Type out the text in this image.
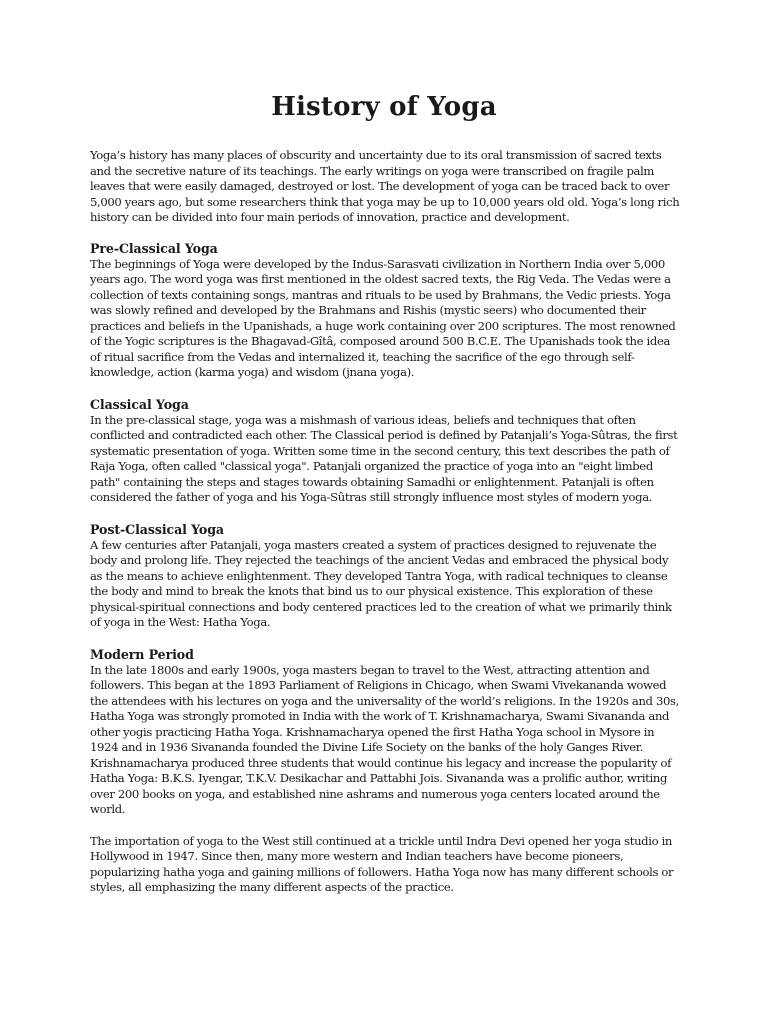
History of Yoga

Yoga’s history has many places of obscurity and uncertainty due to its oral transmission of sacred texts and the secretive nature of its teachings. The early writings on yoga were transcribed on fragile palm leaves that were easily damaged, destroyed or lost. The development of yoga can be traced back to over 5,000 years ago, but some researchers think that yoga may be up to 10,000 years old old. Yoga’s long rich history can be divided into four main periods of innovation, practice and development.

Pre-Classical Yoga

The beginnings of Yoga were developed by the Indus-Sarasvati civilization in Northern India over 5,000 years ago. The word yoga was first mentioned in the oldest sacred texts, the Rig Veda. The Vedas were a collection of texts containing songs, mantras and rituals to be used by Brahmans, the Vedic priests. Yoga was slowly refined and developed by the Brahmans and Rishis (mystic seers) who documented their practices and beliefs in the Upanishads, a huge work containing over 200 scriptures. The most renowned of the Yogic scriptures is the Bhagavad-Gîtâ, composed around 500 B.C.E. The Upanishads took the idea of ritual sacrifice from the Vedas and internalized it, teaching the sacrifice of the ego through self-knowledge, action (karma yoga) and wisdom (jnana yoga).

Classical Yoga

In the pre-classical stage, yoga was a mishmash of various ideas, beliefs and techniques that often conflicted and contradicted each other. The Classical period is defined by Patanjali’s Yoga-Sûtras, the first systematic presentation of yoga. Written some time in the second century, this text describes the path of Raja Yoga, often called "classical yoga". Patanjali organized the practice of yoga into an "eight limbed path" containing the steps and stages towards obtaining Samadhi or enlightenment. Patanjali is often considered the father of yoga and his Yoga-Sûtras still strongly influence most styles of modern yoga.

Post-Classical Yoga

A few centuries after Patanjali, yoga masters created a system of practices designed to rejuvenate the body and prolong life. They rejected the teachings of the ancient Vedas and embraced the physical body as the means to achieve enlightenment. They developed Tantra Yoga, with radical techniques to cleanse the body and mind to break the knots that bind us to our physical existence. This exploration of these physical-spiritual connections and body centered practices led to the creation of what we primarily think of yoga in the West: Hatha Yoga.

Modern Period

In the late 1800s and early 1900s, yoga masters began to travel to the West, attracting attention and followers. This began at the 1893 Parliament of Religions in Chicago, when Swami Vivekananda wowed the attendees with his lectures on yoga and the universality of the world’s religions. In the 1920s and 30s, Hatha Yoga was strongly promoted in India with the work of T. Krishnamacharya, Swami Sivananda and other yogis practicing Hatha Yoga. Krishnamacharya opened the first Hatha Yoga school in Mysore in 1924 and in 1936 Sivananda founded the Divine Life Society on the banks of the holy Ganges River. Krishnamacharya produced three students that would continue his legacy and increase the popularity of Hatha Yoga: B.K.S. Iyengar, T.K.V. Desikachar and Pattabhi Jois. Sivananda was a prolific author, writing over 200 books on yoga, and established nine ashrams and numerous yoga centers located around the world.

The importation of yoga to the West still continued at a trickle until Indra Devi opened her yoga studio in Hollywood in 1947. Since then, many more western and Indian teachers have become pioneers, popularizing hatha yoga and gaining millions of followers. Hatha Yoga now has many different schools or styles, all emphasizing the many different aspects of the practice.
